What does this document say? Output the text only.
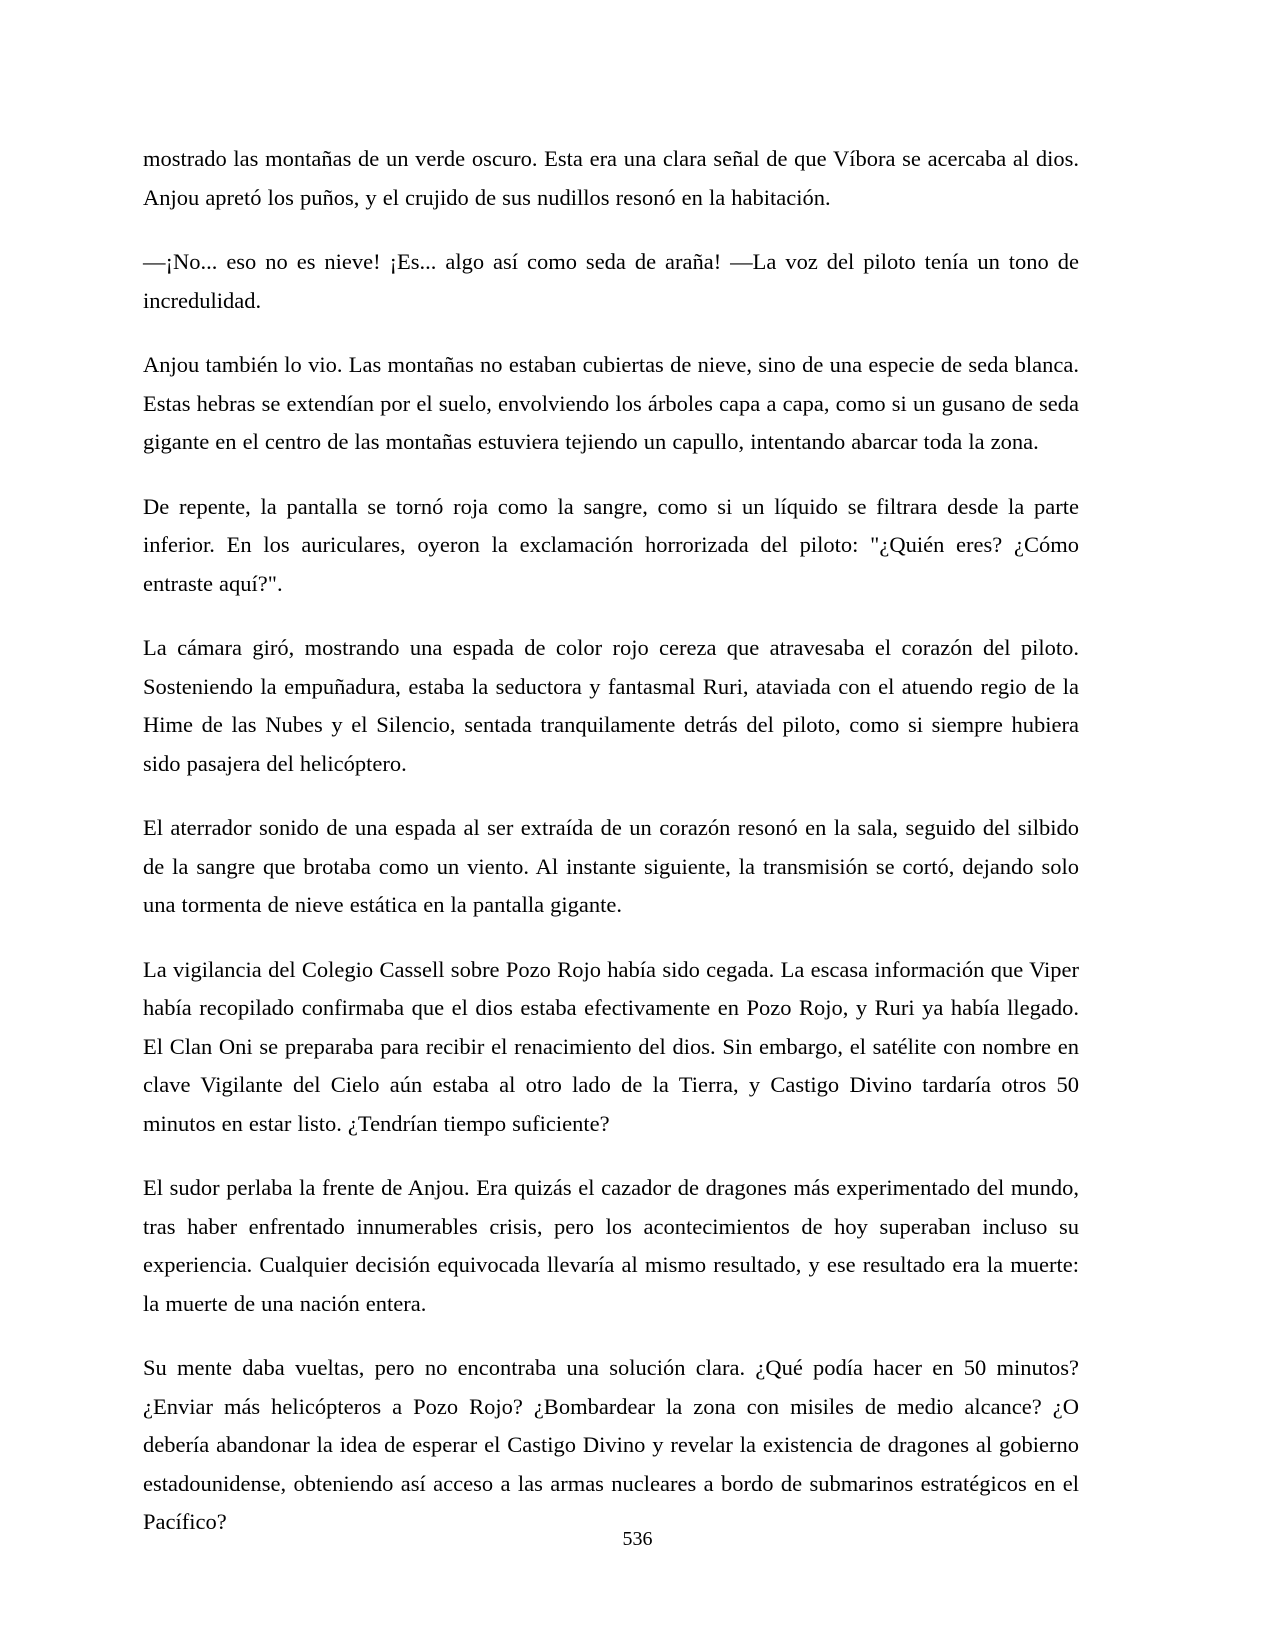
mostrado las montañas de un verde oscuro. Esta era una clara señal de que Víbora se acercaba al dios. Anjou apretó los puños, y el crujido de sus nudillos resonó en la habitación.

—¡No... eso no es nieve! ¡Es... algo así como seda de araña! —La voz del piloto tenía un tono de incredulidad.

Anjou también lo vio. Las montañas no estaban cubiertas de nieve, sino de una especie de seda blanca. Estas hebras se extendían por el suelo, envolviendo los árboles capa a capa, como si un gusano de seda gigante en el centro de las montañas estuviera tejiendo un capullo, intentando abarcar toda la zona.

De repente, la pantalla se tornó roja como la sangre, como si un líquido se filtrara desde la parte inferior. En los auriculares, oyeron la exclamación horrorizada del piloto: "¿Quién eres? ¿Cómo entraste aquí?".

La cámara giró, mostrando una espada de color rojo cereza que atravesaba el corazón del piloto. Sosteniendo la empuñadura, estaba la seductora y fantasmal Ruri, ataviada con el atuendo regio de la Hime de las Nubes y el Silencio, sentada tranquilamente detrás del piloto, como si siempre hubiera sido pasajera del helicóptero.

El aterrador sonido de una espada al ser extraída de un corazón resonó en la sala, seguido del silbido de la sangre que brotaba como un viento. Al instante siguiente, la transmisión se cortó, dejando solo una tormenta de nieve estática en la pantalla gigante.

La vigilancia del Colegio Cassell sobre Pozo Rojo había sido cegada. La escasa información que Viper había recopilado confirmaba que el dios estaba efectivamente en Pozo Rojo, y Ruri ya había llegado. El Clan Oni se preparaba para recibir el renacimiento del dios. Sin embargo, el satélite con nombre en clave Vigilante del Cielo aún estaba al otro lado de la Tierra, y Castigo Divino tardaría otros 50 minutos en estar listo. ¿Tendrían tiempo suficiente?

El sudor perlaba la frente de Anjou. Era quizás el cazador de dragones más experimentado del mundo, tras haber enfrentado innumerables crisis, pero los acontecimientos de hoy superaban incluso su experiencia. Cualquier decisión equivocada llevaría al mismo resultado, y ese resultado era la muerte: la muerte de una nación entera.

Su mente daba vueltas, pero no encontraba una solución clara. ¿Qué podía hacer en 50 minutos? ¿Enviar más helicópteros a Pozo Rojo? ¿Bombardear la zona con misiles de medio alcance? ¿O debería abandonar la idea de esperar el Castigo Divino y revelar la existencia de dragones al gobierno estadounidense, obteniendo así acceso a las armas nucleares a bordo de submarinos estratégicos en el Pacífico?

536
